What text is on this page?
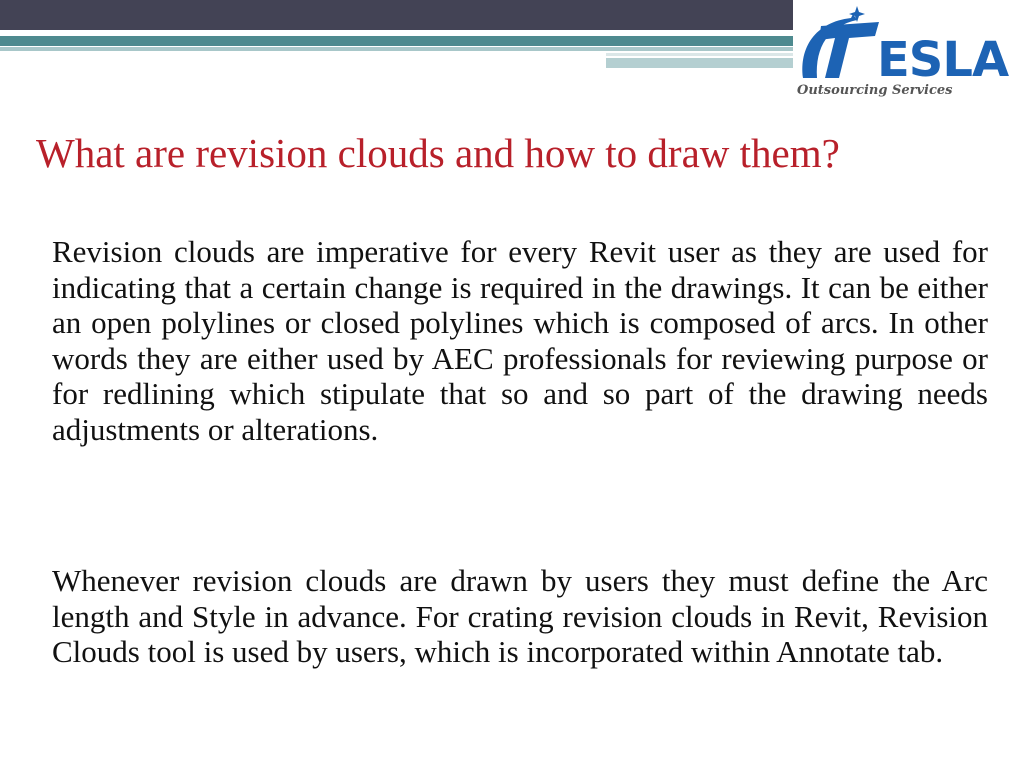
ESLA
Outsourcing Services
What are revision clouds and how to draw them?

Revision clouds are imperative for every Revit user as they are used for indicating that a certain change is required in the drawings. It can be either an open polylines or closed polylines which is composed of arcs. In other words they are either used by AEC professionals for reviewing purpose or for redlining which stipulate that so and so part of the drawing needs adjustments or alterations.

Whenever revision clouds are drawn by users they must define the Arc length and Style in advance. For crating revision clouds in Revit, Revision Clouds tool is used by users, which is incorporated within Annotate tab.
